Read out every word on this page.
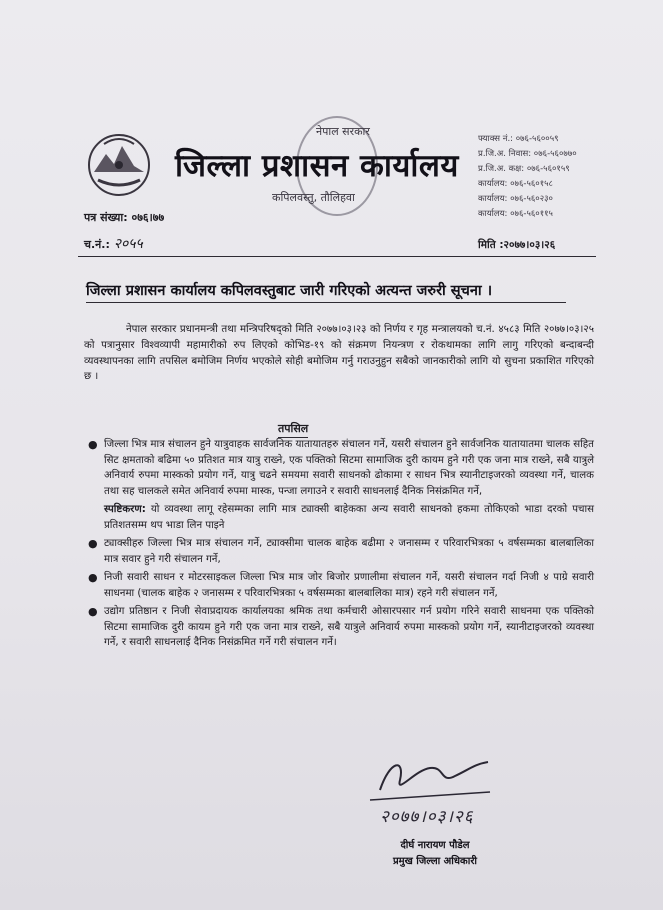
नेपाल सरकार
जिल्ला प्रशासन कार्यालय
कपिलवस्तु, तौलिहवा
फ्याक्स नं.: ०७६-५६००५९
प्र.जि.अ. निवास: ०७६-५६०७७०
प्र.जि.अ. कक्ष: ०७६-५६०१५९
कार्यालय: ०७६-५६०१५८
कार्यालय: ०७६-५६०२३०
कार्यालय: ०७६-५६०११५
पत्र संख्या: ०७६।७७
च.नं.: २०५५	मिति :२०७७।०३।२६
जिल्ला प्रशासन कार्यालय कपिलवस्तुबाट जारी गरिएको अत्यन्त जरुरी सूचना ।
नेपाल सरकार प्रधानमन्त्री तथा मन्त्रिपरिषद्को मिति २०७७।०३।२३ को निर्णय र गृह मन्त्रालयको च.नं. ४५८३ मिति २०७७।०३।२५ को पत्रानुसार विश्वव्यापी महामारीको रुप लिएको कोभिड-१९ को संक्रमण नियन्त्रण र रोकथामका लागि लागु गरिएको बन्दाबन्दी व्यवस्थापनका लागि तपसिल बमोजिम निर्णय भएकोले सोही बमोजिम गर्नु गराउनुहुन सबैको जानकारीको लागि यो सुचना प्रकाशित गरिएको छ ।
तपसिल
● जिल्ला भित्र मात्र संचालन हुने यात्रुवाहक सार्वजनिक यातायातहरु संचालन गर्ने, यसरी संचालन हुने सार्वजनिक यातायातमा चालक सहित सिट क्षमताको बढिमा ५० प्रतिशत मात्र यात्रु राख्ने, एक पक्तिको सिटमा सामाजिक दुरी कायम हुने गरी एक जना मात्र राख्ने, सबै यात्रुले अनिवार्य रुपमा मास्कको प्रयोग गर्ने, यात्रु चढने समयमा सवारी साधनको ढोकामा र साधन भित्र स्यानीटाइजरको व्यवस्था गर्ने, चालक तथा सह चालकले समेत अनिवार्य रुपमा मास्क, पन्जा लगाउने र सवारी साधनलाई दैनिक निसंक्रमित गर्ने,
स्पष्टिकरण: यो व्यवस्था लागू रहेसम्मका लागि मात्र ट्याक्सी बाहेकका अन्य सवारी साधनको हकमा तोकिएको भाडा दरको पचास प्रतिशतसम्म थप भाडा लिन पाइने
● ट्याक्सीहरु जिल्ला भित्र मात्र संचालन गर्ने, ट्याक्सीमा चालक बाहेक बढीमा २ जनासम्म र परिवारभित्रका ५ वर्षसम्मका बालबालिका मात्र सवार हुने गरी संचालन गर्ने,
● निजी सवारी साधन र मोटरसाइकल जिल्ला भित्र मात्र जोर बिजोर प्रणालीमा संचालन गर्ने, यसरी संचालन गर्दा निजी ४ पाग्रे सवारी साधनमा (चालक बाहेक २ जनासम्म र परिवारभित्रका ५ वर्षसम्मका बालबालिका मात्र) रहने गरी संचालन गर्ने,
● उद्योग प्रतिष्ठान र निजी सेवाप्रदायक कार्यालयका श्रमिक तथा कर्मचारी ओसारपसार गर्न प्रयोग गरिने सवारी साधनमा एक पक्तिको सिटमा सामाजिक दुरी कायम हुने गरी एक जना मात्र राख्ने, सबै यात्रुले अनिवार्य रुपमा मास्कको प्रयोग गर्ने, स्यानीटाइजरको व्यवस्था गर्ने, र सवारी साधनलाई दैनिक निसंक्रमित गर्ने गरी संचालन गर्ने।
२०७७।०३।२६
दीर्घ नारायण पौडेल
प्रमुख जिल्ला अधिकारी
